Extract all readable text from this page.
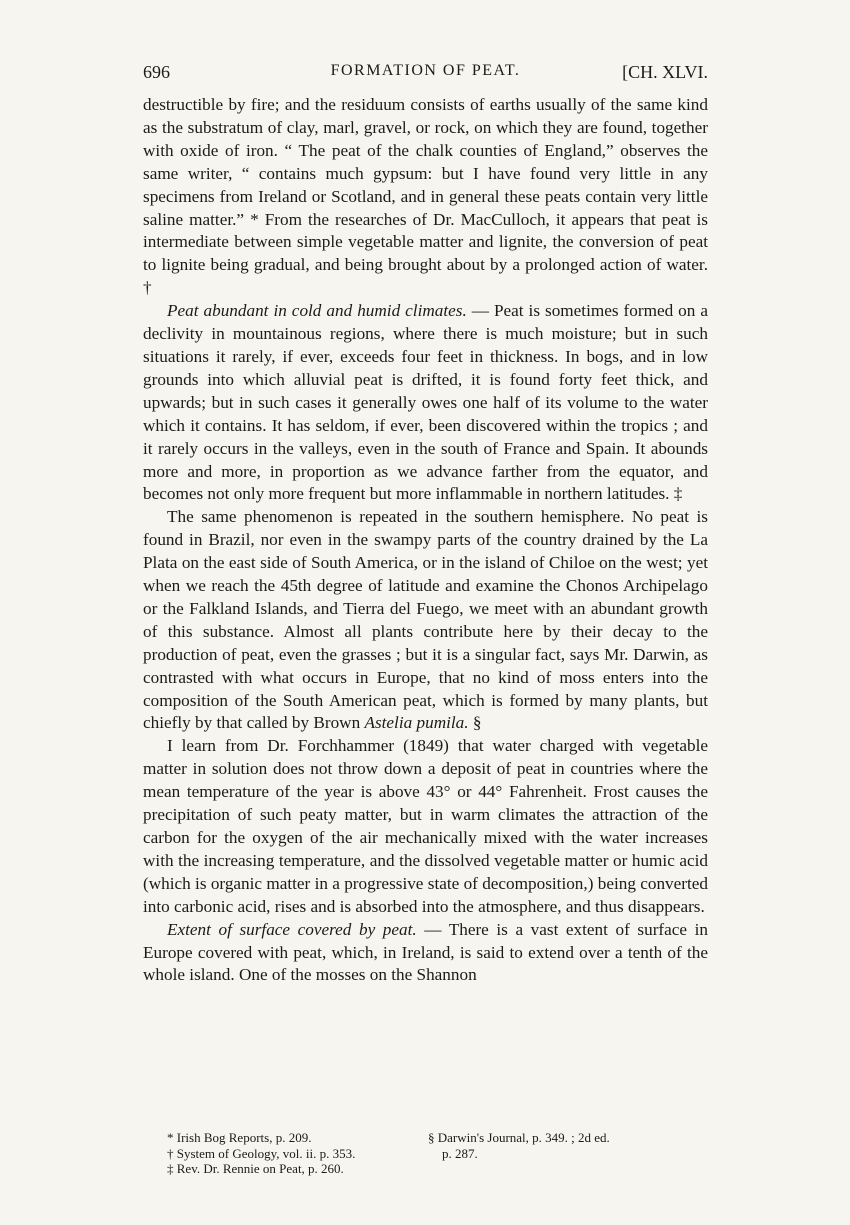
696	FORMATION OF PEAT.	[CH. XLVI.

destructible by fire; and the residuum consists of earths usually of the same kind as the substratum of clay, marl, gravel, or rock, on which they are found, together with oxide of iron. “ The peat of the chalk counties of England,” observes the same writer, “ contains much gypsum: but I have found very little in any specimens from Ireland or Scotland, and in general these peats contain very little saline matter.” * From the researches of Dr. MacCulloch, it appears that peat is intermediate between simple vegetable matter and lignite, the conversion of peat to lignite being gradual, and being brought about by a prolonged action of water. †

Peat abundant in cold and humid climates. — Peat is sometimes formed on a declivity in mountainous regions, where there is much moisture; but in such situations it rarely, if ever, exceeds four feet in thickness. In bogs, and in low grounds into which alluvial peat is drifted, it is found forty feet thick, and upwards; but in such cases it generally owes one half of its volume to the water which it contains. It has seldom, if ever, been discovered within the tropics ; and it rarely occurs in the valleys, even in the south of France and Spain. It abounds more and more, in proportion as we advance farther from the equator, and becomes not only more frequent but more inflammable in northern latitudes. ‡

The same phenomenon is repeated in the southern hemisphere. No peat is found in Brazil, nor even in the swampy parts of the country drained by the La Plata on the east side of South America, or in the island of Chiloe on the west; yet when we reach the 45th degree of latitude and examine the Chonos Archipelago or the Falkland Islands, and Tierra del Fuego, we meet with an abundant growth of this substance. Almost all plants contribute here by their decay to the production of peat, even the grasses ; but it is a singular fact, says Mr. Darwin, as contrasted with what occurs in Europe, that no kind of moss enters into the composition of the South American peat, which is formed by many plants, but chiefly by that called by Brown Astelia pumila. §

I learn from Dr. Forchhammer (1849) that water charged with vegetable matter in solution does not throw down a deposit of peat in countries where the mean temperature of the year is above 43° or 44° Fahrenheit. Frost causes the precipitation of such peaty matter, but in warm climates the attraction of the carbon for the oxygen of the air mechanically mixed with the water increases with the increasing temperature, and the dissolved vegetable matter or humic acid (which is organic matter in a progressive state of decomposition,) being converted into carbonic acid, rises and is absorbed into the atmosphere, and thus disappears.

Extent of surface covered by peat. — There is a vast extent of surface in Europe covered with peat, which, in Ireland, is said to extend over a tenth of the whole island. One of the mosses on the Shannon

* Irish Bog Reports, p. 209.
† System of Geology, vol. ii. p. 353.
‡ Rev. Dr. Rennie on Peat, p. 260.
§ Darwin's Journal, p. 349. ; 2d ed.
p. 287.
